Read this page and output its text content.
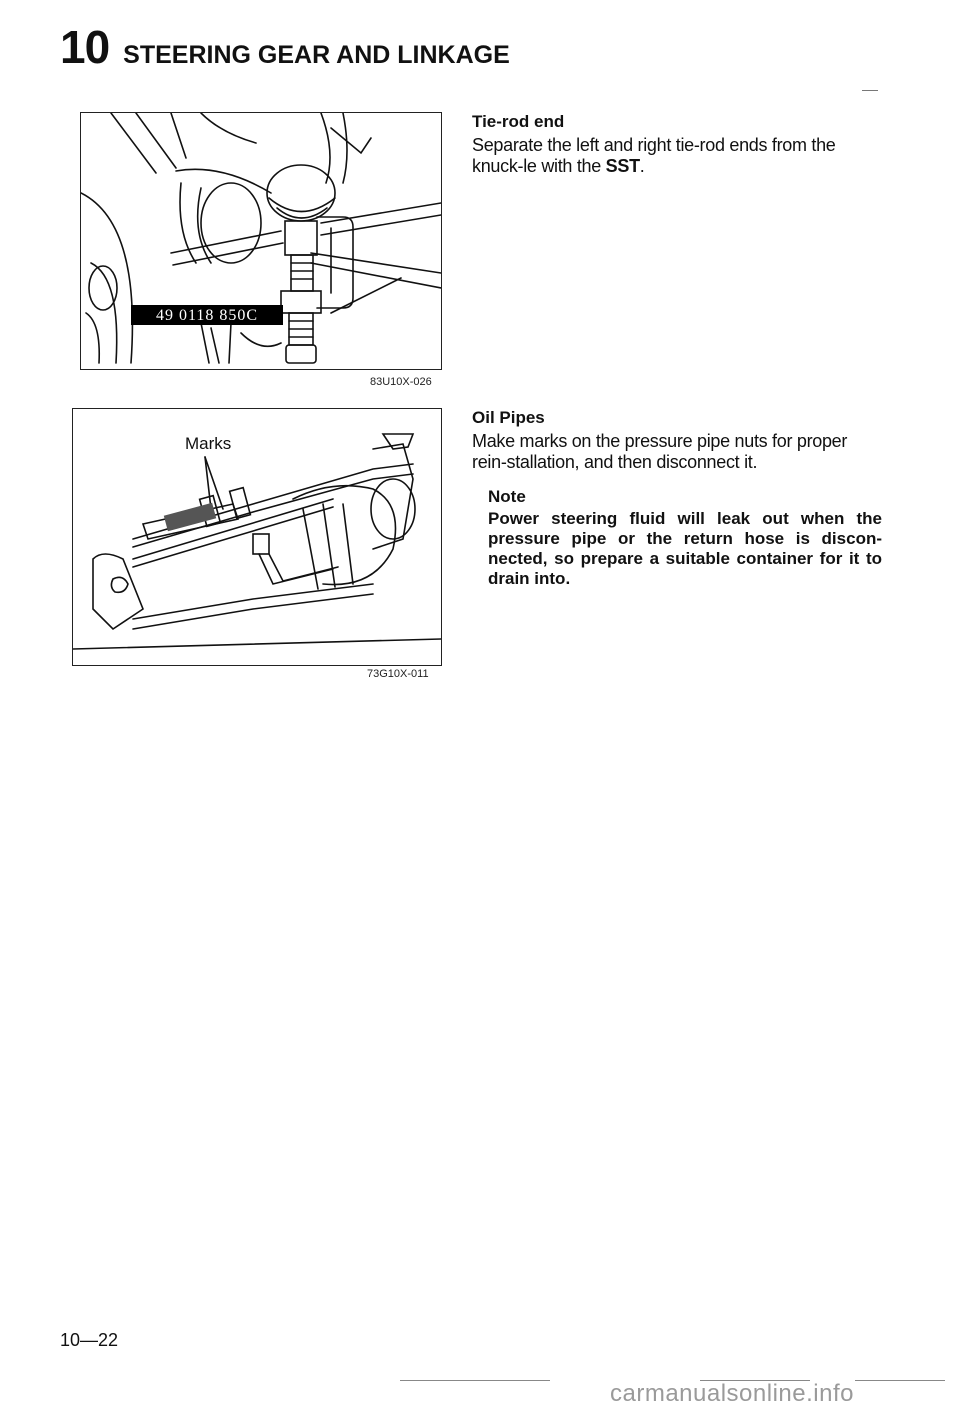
10 STEERING GEAR AND LINKAGE
49 0118 850C
83U10X-026
Marks
73G10X-011

Tie-rod end

Separate the left and right tie-rod ends from the knuck-le with the SST.

Oil Pipes

Make marks on the pressure pipe nuts for proper rein-stallation, and then disconnect it.

Note

Power steering fluid will leak out when the pressure pipe or the return hose is discon-nected, so prepare a suitable container for it to drain into.

10—22
carmanualsonline.info
